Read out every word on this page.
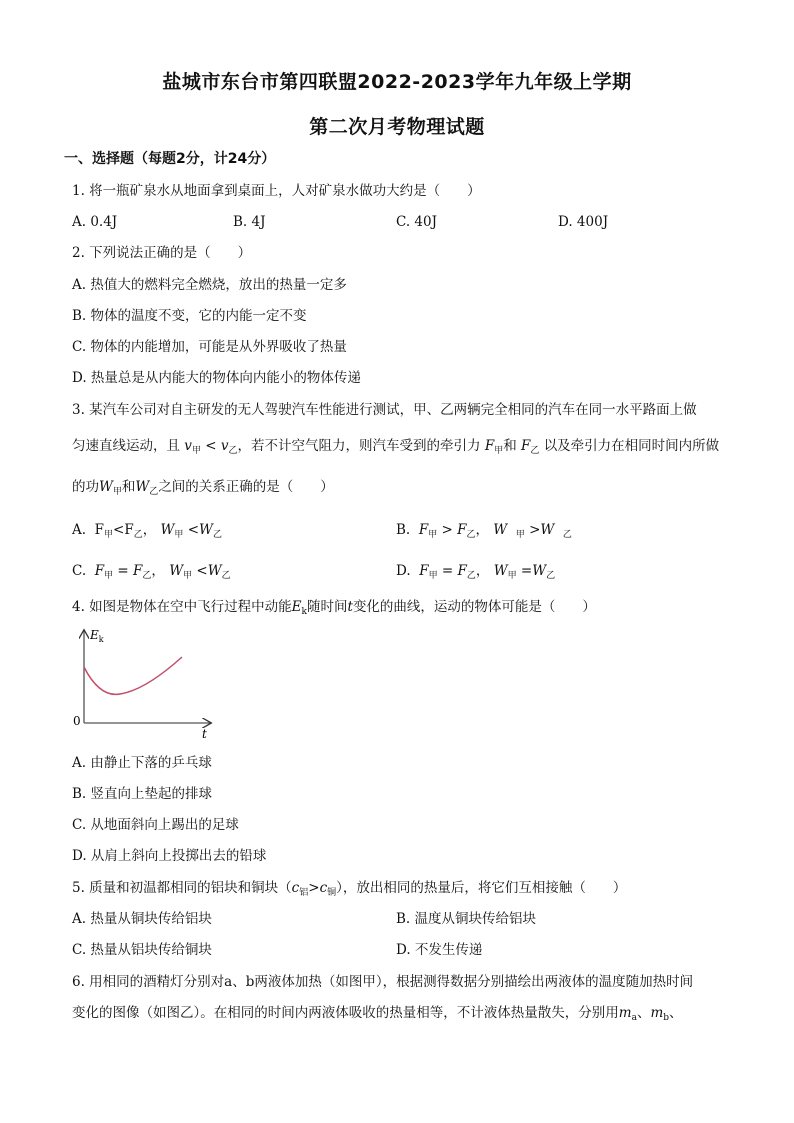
盐城市东台市第四联盟2022-2023学年九年级上学期
第二次月考物理试题
一、选择题（每题2分，计24分）
1. 将一瓶矿泉水从地面拿到桌面上，人对矿泉水做功大约是（　　）
A. 0.4J	B. 4J	C. 40J	D. 400J
2. 下列说法正确的是（　　）
A. 热值大的燃料完全燃烧，放出的热量一定多
B. 物体的温度不变，它的内能一定不变
C. 物体的内能增加，可能是从外界吸收了热量
D. 热量总是从内能大的物体向内能小的物体传递
3. 某汽车公司对自主研发的无人驾驶汽车性能进行测试，甲、乙两辆完全相同的汽车在同一水平路面上做
匀速直线运动，且 $v_甲 < v_乙$，若不计空气阻力，则汽车受到的牵引力 $F_甲$和 $F_乙$ 以及牵引力在相同时间内所做
的功$W_甲$和$W_乙$之间的关系正确的是（　　）
A. $F_甲<F_乙$， $W_甲 <W_乙$	B. $F_甲 > F_乙$， W $_甲$ >W $_乙$
C. $F_甲 = F_乙$， $W_甲 <W_乙$	D. $F_甲 = F_乙$， $W_甲 =W_乙$
4. 如图是物体在空中飞行过程中动能$E_k$随时间t变化的曲线，运动的物体可能是（　　）
$E_k$
0
t
A. 由静止下落的乒乓球
B. 竖直向上垫起的排球
C. 从地面斜向上踢出的足球
D. 从肩上斜向上投掷出去的铅球
5. 质量和初温都相同的铝块和铜块$(c_铝>c_铜)$，放出相同的热量后，将它们互相接触（　　）
A. 热量从铜块传给铝块	B. 温度从铜块传给铝块
C. 热量从铝块传给铜块	D. 不发生传递
6. 用相同的酒精灯分别对a、b两液体加热（如图甲），根据测得数据分别描绘出两液体的温度随加热时间
变化的图像（如图乙）。在相同的时间内两液体吸收的热量相等，不计液体热量散失，分别用$m_a$、$m_b$、
